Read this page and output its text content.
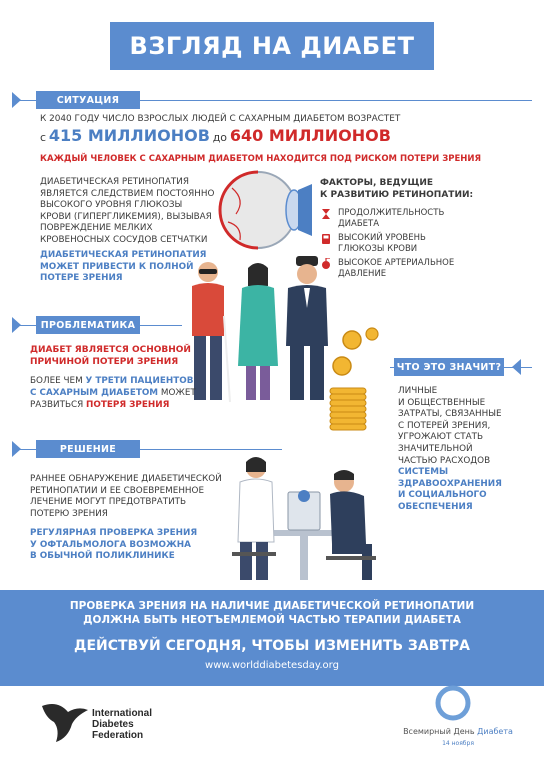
ВЗГЛЯД НА ДИАБЕТ
СИТУАЦИЯ
К 2040 ГОДУ ЧИСЛО ВЗРОСЛЫХ ЛЮДЕЙ С САХАРНЫМ ДИАБЕТОМ ВОЗРАСТЕТ
с 415 МИЛЛИОНОВ до 640 МИЛЛИОНОВ
КАЖДЫЙ ЧЕЛОВЕК С САХАРНЫМ ДИАБЕТОМ НАХОДИТСЯ ПОД РИСКОМ ПОТЕРИ ЗРЕНИЯ
ДИАБЕТИЧЕСКАЯ РЕТИНОПАТИЯ
ЯВЛЯЕТСЯ СЛЕДСТВИЕМ ПОСТОЯННО
ВЫСОКОГО УРОВНЯ ГЛЮКОЗЫ
КРОВИ (ГИПЕРГЛИКЕМИЯ), ВЫЗЫВАЯ
ПОВРЕЖДЕНИЕ МЕЛКИХ
КРОВЕНОСНЫХ СОСУДОВ СЕТЧАТКИ
ДИАБЕТИЧЕСКАЯ РЕТИНОПАТИЯ
МОЖЕТ ПРИВЕСТИ К ПОЛНОЙ
ПОТЕРЕ ЗРЕНИЯ
ФАКТОРЫ, ВЕДУЩИЕ
К РАЗВИТИЮ РЕТИНОПАТИИ:
ПРОДОЛЖИТЕЛЬНОСТЬ
ДИАБЕТА
ВЫСОКИЙ УРОВЕНЬ
ГЛЮКОЗЫ КРОВИ
ВЫСОКОЕ АРТЕРИАЛЬНОЕ
ДАВЛЕНИЕ
ПРОБЛЕМАТИКА
ДИАБЕТ ЯВЛЯЕТСЯ ОСНОВНОЙ
ПРИЧИНОЙ ПОТЕРИ ЗРЕНИЯ
БОЛЕЕ ЧЕМ У ТРЕТИ ПАЦИЕНТОВ
С САХАРНЫМ ДИАБЕТОМ МОЖЕТ
РАЗВИТЬСЯ ПОТЕРЯ ЗРЕНИЯ
ЧТО ЭТО ЗНАЧИТ?
ЛИЧНЫЕ
И ОБЩЕСТВЕННЫЕ
ЗАТРАТЫ, СВЯЗАННЫЕ
С ПОТЕРЕЙ ЗРЕНИЯ,
УГРОЖАЮТ СТАТЬ
ЗНАЧИТЕЛЬНОЙ
ЧАСТЬЮ РАСХОДОВ
СИСТЕМЫ
ЗДРАВООХРАНЕНИЯ
И СОЦИАЛЬНОГО
ОБЕСПЕЧЕНИЯ
РЕШЕНИЕ
РАННЕЕ ОБНАРУЖЕНИЕ ДИАБЕТИЧЕСКОЙ
РЕТИНОПАТИИ И ЕЕ СВОЕВРЕМЕННОЕ
ЛЕЧЕНИЕ МОГУТ ПРЕДОТВРАТИТЬ
ПОТЕРЮ ЗРЕНИЯ
РЕГУЛЯРНАЯ ПРОВЕРКА ЗРЕНИЯ
У ОФТАЛЬМОЛОГА ВОЗМОЖНА
В ОБЫЧНОЙ ПОЛИКЛИНИКЕ
ПРОВЕРКА ЗРЕНИЯ НА НАЛИЧИЕ ДИАБЕТИЧЕСКОЙ РЕТИНОПАТИИ
ДОЛЖНА БЫТЬ НЕОТЪЕМЛЕМОЙ ЧАСТЬЮ ТЕРАПИИ ДИАБЕТА
ДЕЙСТВУЙ СЕГОДНЯ, ЧТОБЫ ИЗМЕНИТЬ ЗАВТРА
www.worlddiabetesday.org
International
Diabetes
Federation	Всемирный День Диабета
14 ноября
